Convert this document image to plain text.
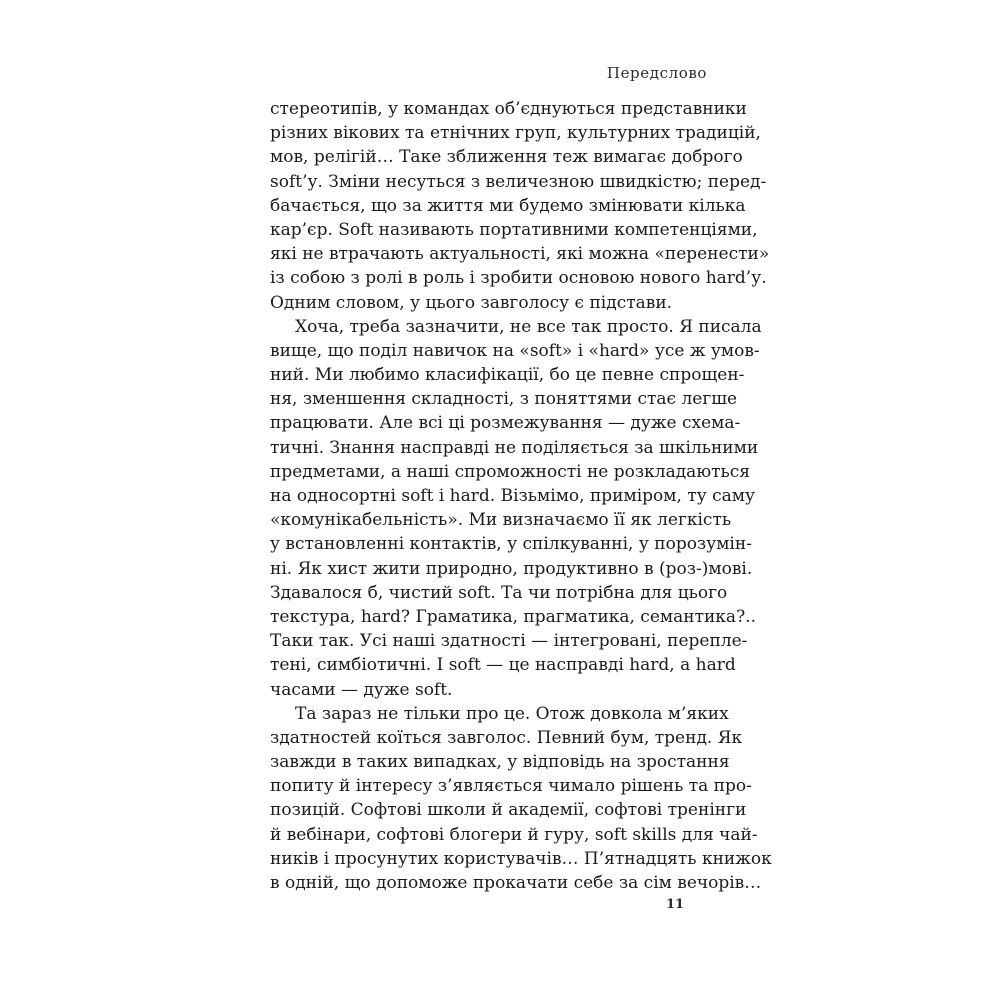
Передслово
стереотипів, у командах об’єднуються представники
різних вікових та етнічних груп, культурних традицій,
мов, релігій… Таке зближення теж вимагає доброго
soft’у. Зміни несуться з величезною швидкістю; перед-
бачається, що за життя ми будемо змінювати кілька
кар’єр. Soft називають портативними компетенціями,
які не втрачають актуальності, які можна «перенести»
із собою з ролі в роль і зробити основою нового hard’у.
Одним словом, у цього завголосу є підстави.
Хоча, треба зазначити, не все так просто. Я писала
вище, що поділ навичок на «soft» і «hard» усе ж умов-
ний. Ми любимо класифікації, бо це певне спрощен-
ня, зменшення складності, з поняттями стає легше
працювати. Але всі ці розмежування — дуже схема-
тичні. Знання насправді не поділяється за шкільними
предметами, а наші спроможності не розкладаються
на односортні soft і hard. Візьмімо, приміром, ту саму
«комунікабельність». Ми визначаємо її як легкість
у встановленні контактів, у спілкуванні, у порозумін-
ні. Як хист жити природно, продуктивно в (роз-)мові.
Здавалося б, чистий soft. Та чи потрібна для цього
текстура, hard? Граматика, прагматика, семантика?..
Таки так. Усі наші здатності — інтегровані, перепле-
тені, симбіотичні. І soft — це насправді hard, а hard
часами — дуже soft.
Та зараз не тільки про це. Отож довкола м’яких
здатностей коїться завголос. Певний бум, тренд. Як
завжди в таких випадках, у відповідь на зростання
попиту й інтересу з’являється чимало рішень та про-
позицій. Софтові школи й академії, софтові тренінги
й вебінари, софтові блогери й гуру, soft skills для чай-
ників і просунутих користувачів… П’ятнадцять книжок
в одній, що допоможе прокачати себе за сім вечорів…
11
